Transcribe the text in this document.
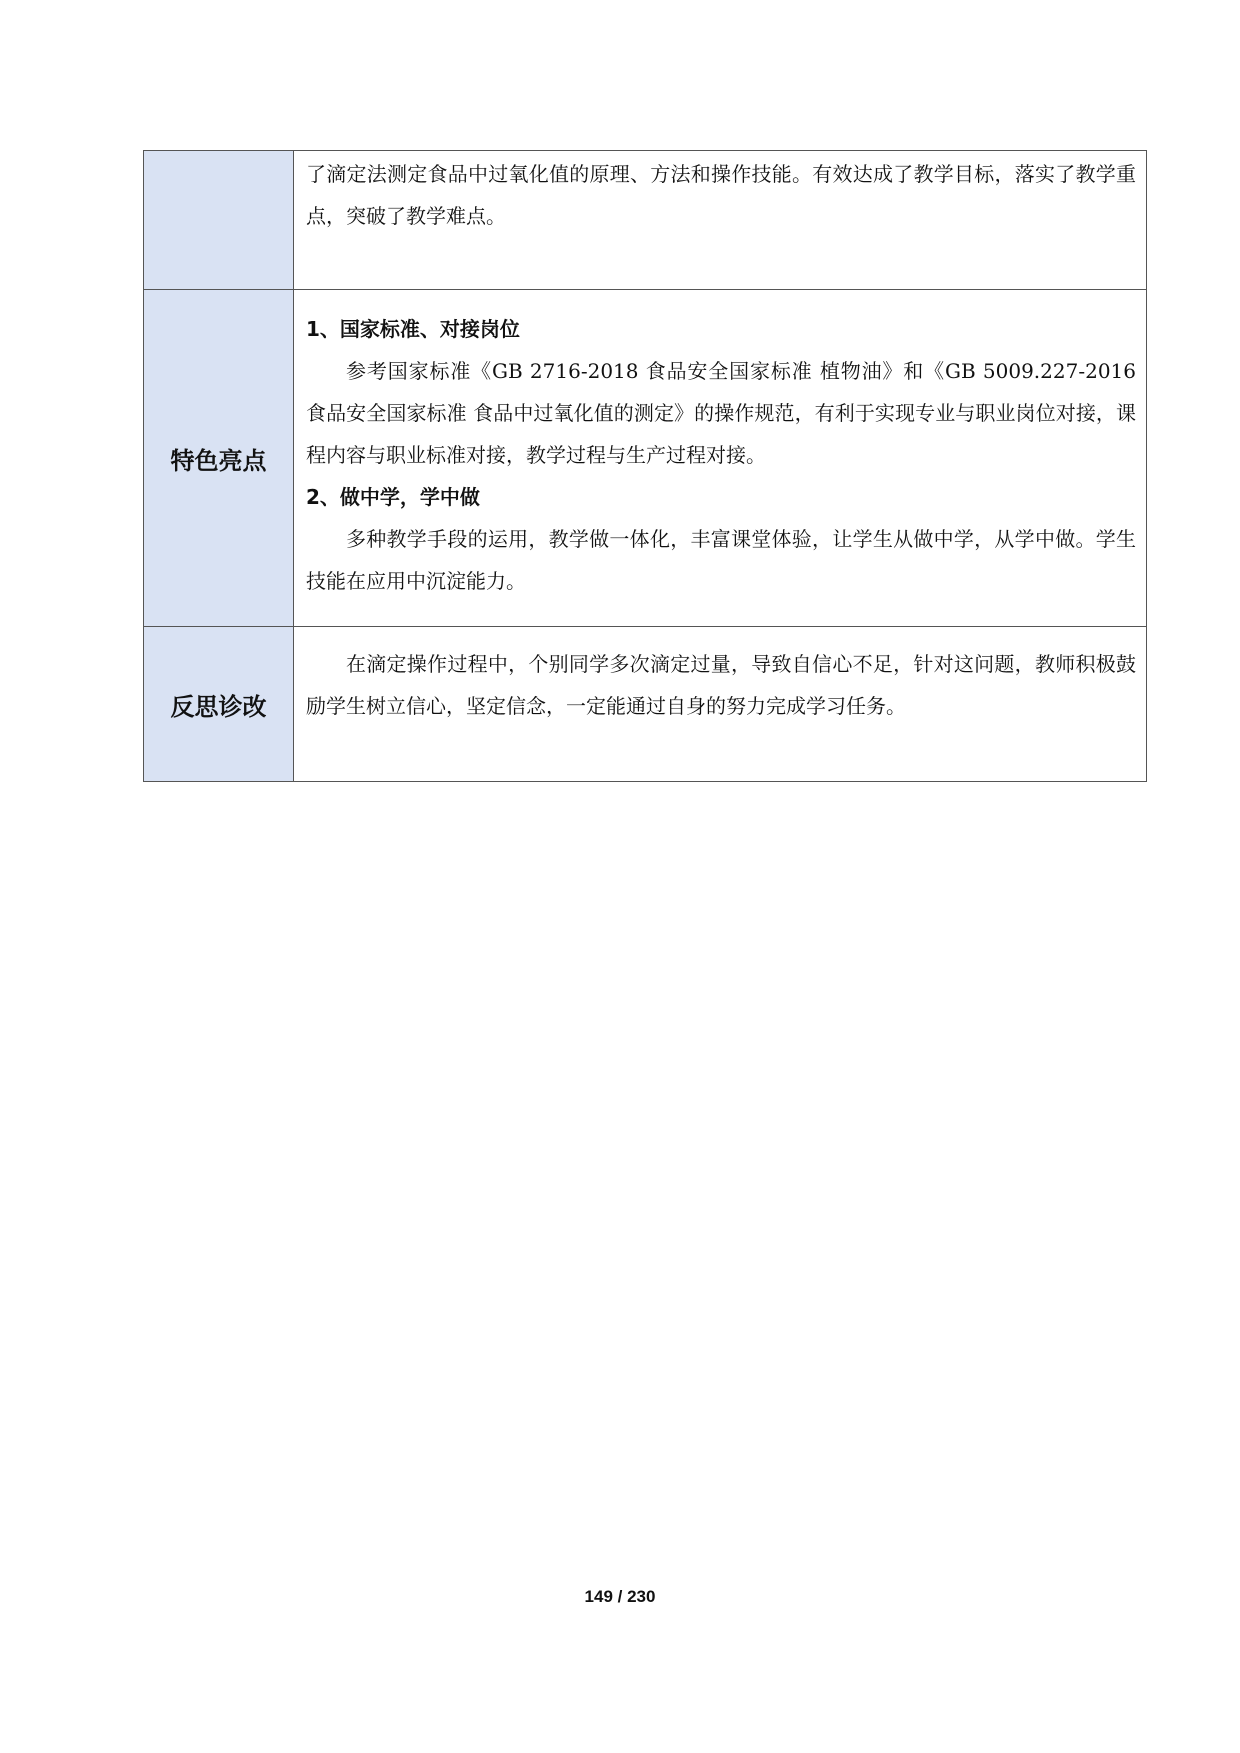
	了滴定法测定食品中过氧化值的原理、方法和操作技能。有效达成了教学目标，落实了教学重点，突破了教学难点。

特色亮点	1、国家标准、对接岗位

参考国家标准《GB 2716-2018 食品安全国家标准 植物油》和《GB 5009.227-2016 食品安全国家标准 食品中过氧化值的测定》的操作规范，有利于实现专业与职业岗位对接，课程内容与职业标准对接，教学过程与生产过程对接。

2、做中学，学中做

多种教学手段的运用，教学做一体化，丰富课堂体验，让学生从做中学，从学中做。学生技能在应用中沉淀能力。

反思诊改	在滴定操作过程中，个别同学多次滴定过量，导致自信心不足，针对这问题，教师积极鼓励学生树立信心，坚定信念，一定能通过自身的努力完成学习任务。

149 / 230
